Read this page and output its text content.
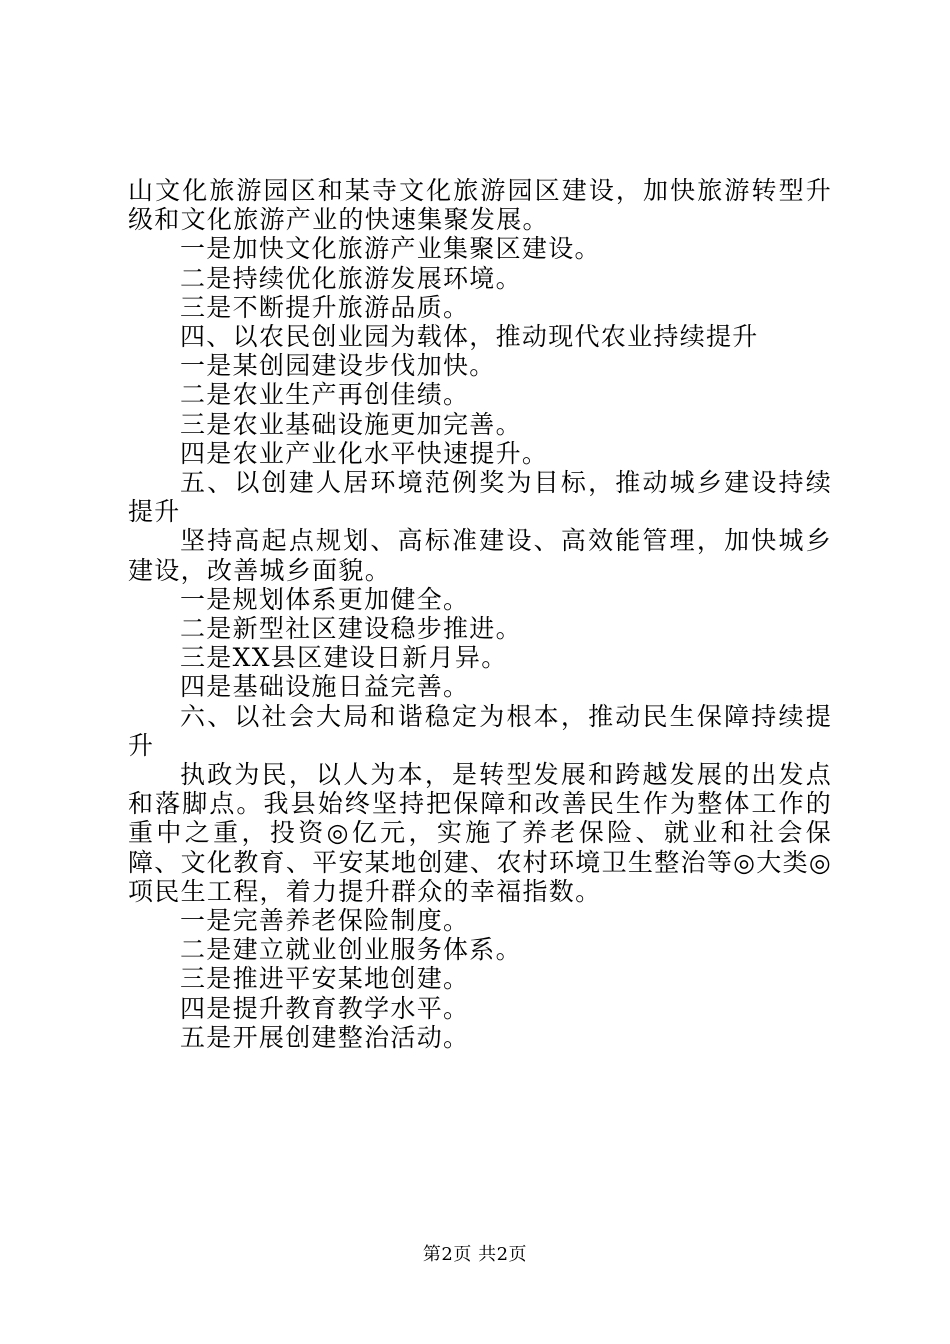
山文化旅游园区和某寺文化旅游园区建设，加快旅游转型升级和文化旅游产业的快速集聚发展。

一是加快文化旅游产业集聚区建设。

二是持续优化旅游发展环境。

三是不断提升旅游品质。

四、以农民创业园为载体，推动现代农业持续提升

一是某创园建设步伐加快。

二是农业生产再创佳绩。

三是农业基础设施更加完善。

四是农业产业化水平快速提升。

五、以创建人居环境范例奖为目标，推动城乡建设持续提升

坚持高起点规划、高标准建设、高效能管理，加快城乡建设，改善城乡面貌。

一是规划体系更加健全。

二是新型社区建设稳步推进。

三是XX县区建设日新月异。

四是基础设施日益完善。

六、以社会大局和谐稳定为根本，推动民生保障持续提升

执政为民，以人为本，是转型发展和跨越发展的出发点和落脚点。我县始终坚持把保障和改善民生作为整体工作的重中之重，投资◎亿元，实施了养老保险、就业和社会保障、文化教育、平安某地创建、农村环境卫生整治等◎大类◎项民生工程，着力提升群众的幸福指数。

一是完善养老保险制度。

二是建立就业创业服务体系。

三是推进平安某地创建。

四是提升教育教学水平。

五是开展创建整治活动。

第2页 共2页
